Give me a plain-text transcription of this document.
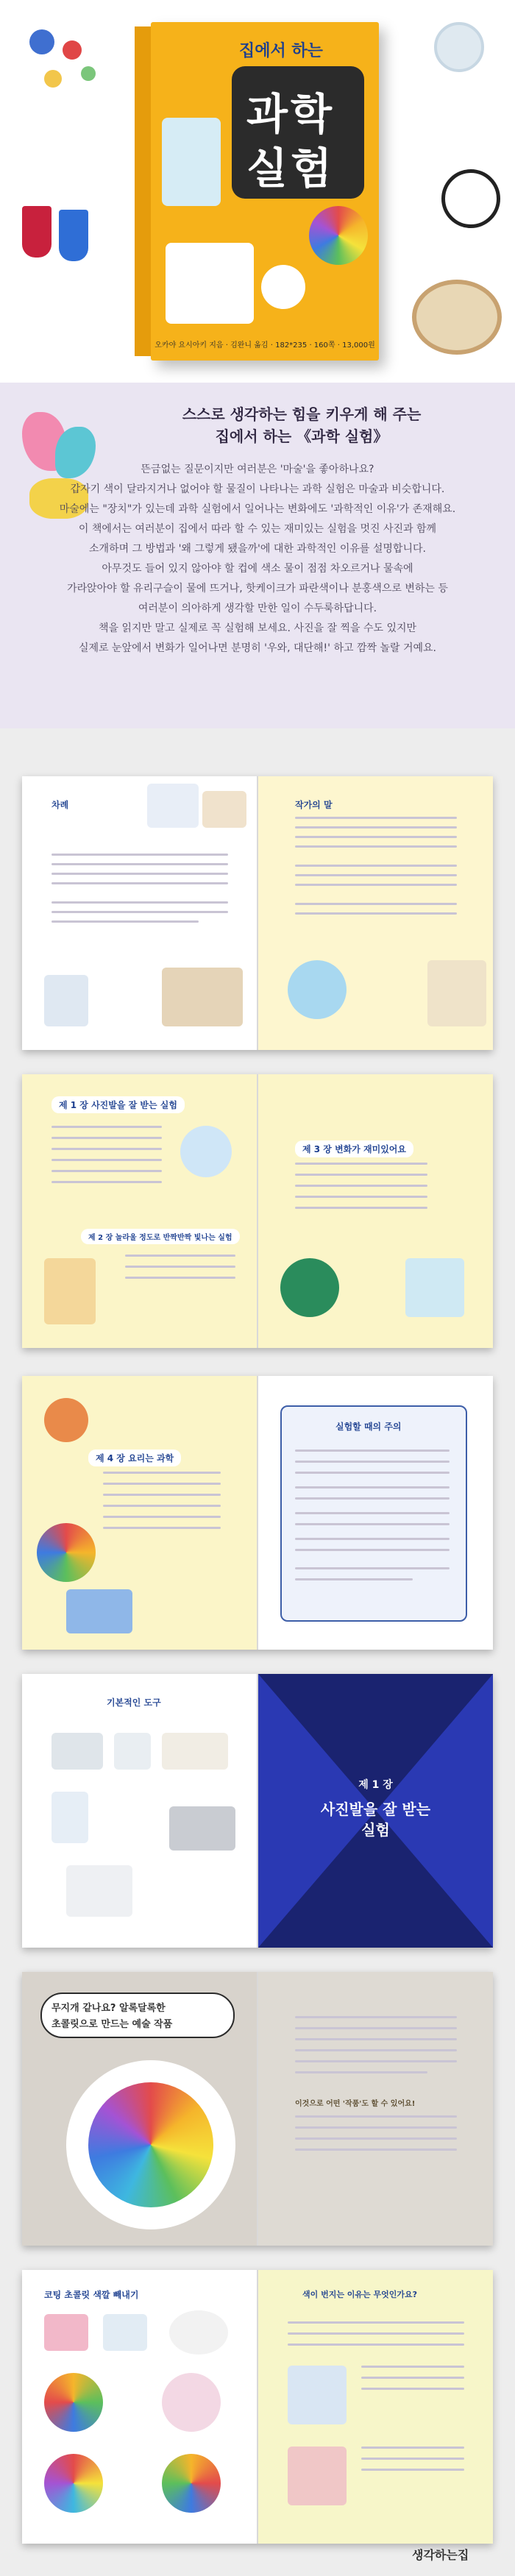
집에서 하는
과학
실험
오카야 요시아키 지음 · 김완니 옮김 · 182*235 · 160쪽 · 13,000원
스스로 생각하는 힘을 키우게 해 주는
집에서 하는 《과학 실험》

뜬금없는 질문이지만 여러분은 '마술'을 좋아하나요?

갑자기 색이 달라지거나 없어야 할 물질이 나타나는 과학 실험은 마술과 비슷합니다.

마술에는 "장치"가 있는데 과학 실험에서 일어나는 변화에도 '과학적인 이유'가 존재해요.

이 책에서는 여러분이 집에서 따라 할 수 있는 재미있는 실험을 멋진 사진과 함께

소개하며 그 방법과 '왜 그렇게 됐을까'에 대한 과학적인 이유를 설명합니다.

아무것도 들어 있지 않아야 할 컵에 색소 물이 점점 차오르거나 물속에

가라앉아야 할 유리구슬이 물에 뜨거나, 핫케이크가 파란색이나 분홍색으로 변하는 등

여러분이 의아하게 생각할 만한 일이 수두룩하답니다.

책을 읽지만 말고 실제로 꼭 실험해 보세요. 사진을 잘 찍을 수도 있지만

실제로 눈앞에서 변화가 일어나면 분명히 '우와, 대단해!' 하고 깜짝 놀랄 거예요.

차례	작가의 말
제 1 장 사진발을 잘 받는 실험
제 2 장 놀라울 정도로 반짝반짝 빛나는 실험
제 3 장 변화가 재미있어요
제 4 장 요리는 과학
실험할 때의 주의
기본적인 도구
제 1 장
사진발을 잘 받는
실험
무지개 같나요? 알록달록한
초콜릿으로 만드는 예술 작품
이것으로 어떤 '작품'도 할 수 있어요!
코팅 초콜릿 색깔 빼내기	색이 번지는 이유는 무엇인가요?
생각하는집
